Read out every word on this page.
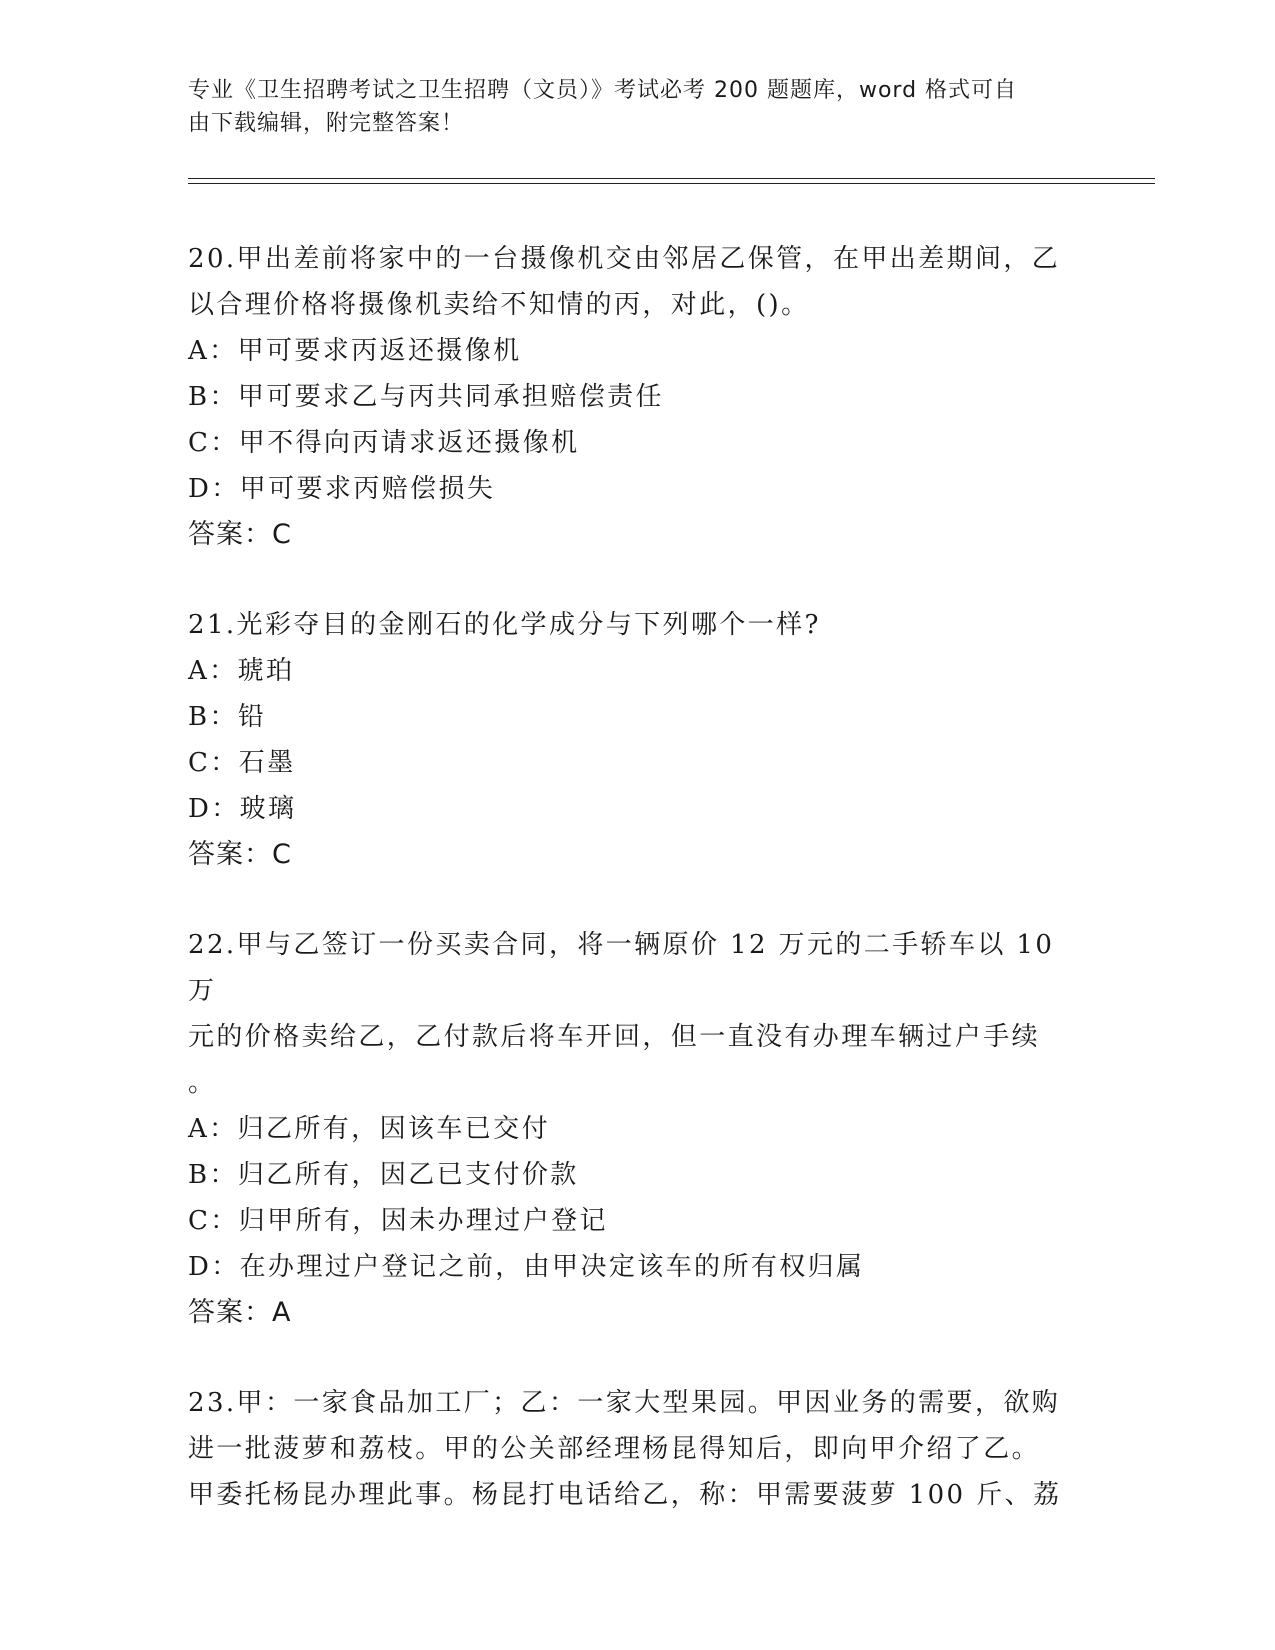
专业《卫生招聘考试之卫生招聘（文员）》考试必考 200 题题库，word 格式可自
由下载编辑，附完整答案！

20.甲出差前将家中的一台摄像机交由邻居乙保管，在甲出差期间，乙

以合理价格将摄像机卖给不知情的丙，对此，()。

A：甲可要求丙返还摄像机

B：甲可要求乙与丙共同承担赔偿责任

C：甲不得向丙请求返还摄像机

D：甲可要求丙赔偿损失

答案：C

21.光彩夺目的金刚石的化学成分与下列哪个一样?

A：琥珀

B：铅

C：石墨

D：玻璃

答案：C

22.甲与乙签订一份买卖合同，将一辆原价 12 万元的二手轿车以 10 万

元的价格卖给乙，乙付款后将车开回，但一直没有办理车辆过户手续

。

A：归乙所有，因该车已交付

B：归乙所有，因乙已支付价款

C：归甲所有，因未办理过户登记

D：在办理过户登记之前，由甲决定该车的所有权归属

答案：A

23.甲：一家食品加工厂；乙：一家大型果园。甲因业务的需要，欲购

进一批菠萝和荔枝。甲的公关部经理杨昆得知后，即向甲介绍了乙。

甲委托杨昆办理此事。杨昆打电话给乙，称：甲需要菠萝 100 斤、荔
